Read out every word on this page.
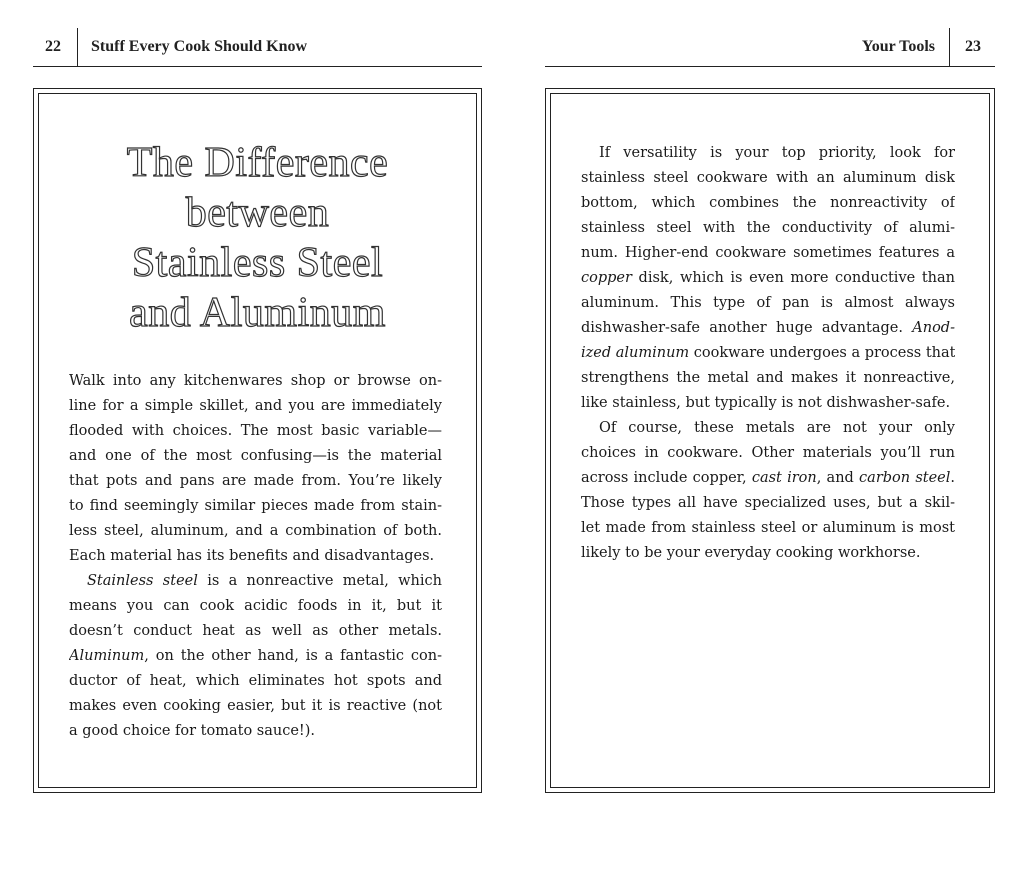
22 Stuff Every Cook Should Know
The Difference
between
Stainless Steel
and Aluminum
Walk into any kitchenwares shop or browse on-
line for a simple skillet, and you are immediately
flooded with choices. The most basic variable—
and one of the most confusing—is the material
that pots and pans are made from. You’re likely
to find seemingly similar pieces made from stain-
less steel, aluminum, and a combination of both.
Each material has its benefits and disadvantages.
Stainless steel is a nonreactive metal, which
means you can cook acidic foods in it, but it
doesn’t conduct heat as well as other metals.
Aluminum, on the other hand, is a fantastic con-
ductor of heat, which eliminates hot spots and
makes even cooking easier, but it is reactive (not
a good choice for tomato sauce!).
Your Tools 23
If versatility is your top priority, look for
stainless steel cookware with an aluminum disk
bottom, which combines the nonreactivity of
stainless steel with the conductivity of alumi-
num. Higher-end cookware sometimes features a
copper disk, which is even more conductive than
aluminum. This type of pan is almost always
dishwasher-safe another huge advantage. Anod-
ized aluminum cookware undergoes a process that
strengthens the metal and makes it nonreactive,
like stainless, but typically is not dishwasher-safe.
Of course, these metals are not your only
choices in cookware. Other materials you’ll run
across include copper, cast iron, and carbon steel.
Those types all have specialized uses, but a skil-
let made from stainless steel or aluminum is most
likely to be your everyday cooking workhorse.
